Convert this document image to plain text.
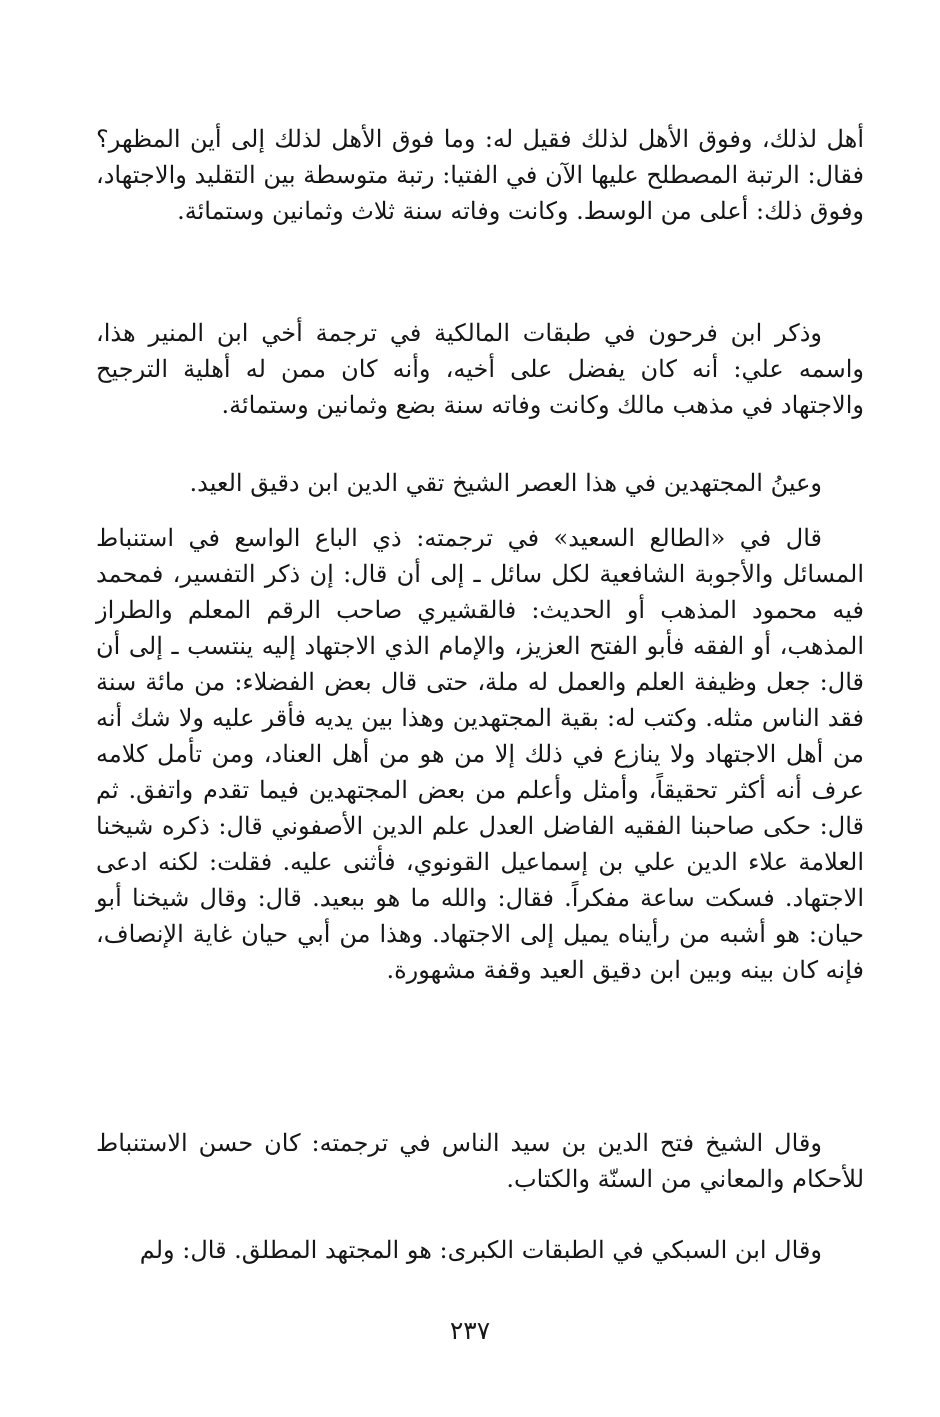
أهل لذلك، وفوق الأهل لذلك فقيل له: وما فوق الأهل لذلك إلى أين المظهر؟ فقال: الرتبة المصطلح عليها الآن في الفتيا: رتبة متوسطة بين التقليد والاجتهاد، وفوق ذلك: أعلى من الوسط. وكانت وفاته سنة ثلاث وثمانين وستمائة.

وذكر ابن فرحون في طبقات المالكية في ترجمة أخي ابن المنير هذا، واسمه علي: أنه كان يفضل على أخيه، وأنه كان ممن له أهلية الترجيح والاجتهاد في مذهب مالك وكانت وفاته سنة بضع وثمانين وستمائة.

وعينُ المجتهدين في هذا العصر الشيخ تقي الدين ابن دقيق العيد.

قال في «الطالع السعيد» في ترجمته: ذي الباع الواسع في استنباط المسائل والأجوبة الشافعية لكل سائل ـ إلى أن قال: إن ذكر التفسير، فمحمد فيه محمود المذهب أو الحديث: فالقشيري صاحب الرقم المعلم والطراز المذهب، أو الفقه فأبو الفتح العزيز، والإمام الذي الاجتهاد إليه ينتسب ـ إلى أن قال: جعل وظيفة العلم والعمل له ملة، حتى قال بعض الفضلاء: من مائة سنة فقد الناس مثله. وكتب له: بقية المجتهدين وهذا بين يديه فأقر عليه ولا شك أنه من أهل الاجتهاد ولا ينازع في ذلك إلا من هو من أهل العناد، ومن تأمل كلامه عرف أنه أكثر تحقيقاً، وأمثل وأعلم من بعض المجتهدين فيما تقدم واتفق. ثم قال: حكى صاحبنا الفقيه الفاضل العدل علم الدين الأصفوني قال: ذكره شيخنا العلامة علاء الدين علي بن إسماعيل القونوي، فأثنى عليه. فقلت: لكنه ادعى الاجتهاد. فسكت ساعة مفكراً. فقال: والله ما هو ببعيد. قال: وقال شيخنا أبو حيان: هو أشبه من رأيناه يميل إلى الاجتهاد. وهذا من أبي حيان غاية الإنصاف، فإنه كان بينه وبين ابن دقيق العيد وقفة مشهورة.

وقال الشيخ فتح الدين بن سيد الناس في ترجمته: كان حسن الاستنباط للأحكام والمعاني من السنّة والكتاب.

وقال ابن السبكي في الطبقات الكبرى: هو المجتهد المطلق. قال: ولم

٢٣٧
